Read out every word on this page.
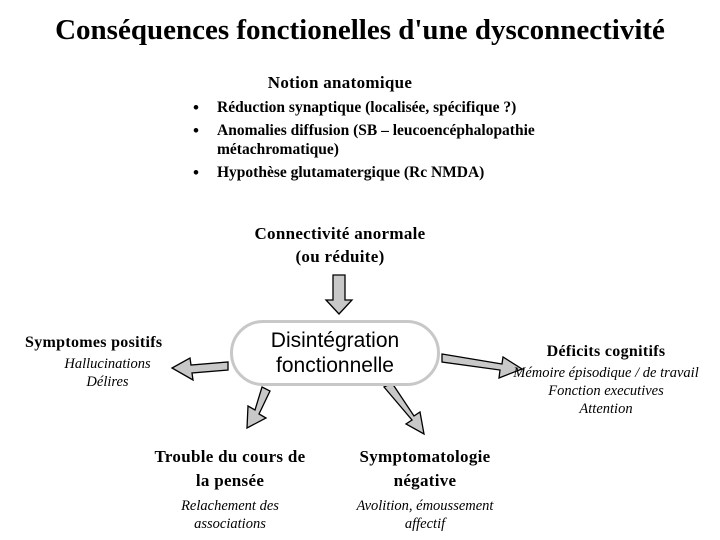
Conséquences fonctionelles d'une dysconnectivité
Notion anatomique
• Réduction synaptique (localisée, spécifique ?)
• Anomalies diffusion (SB – leucoencéphalopathie métachromatique)
• Hypothèse glutamatergique (Rc NMDA)
Connectivité anormale
(ou réduite)
Disintégration
fonctionnelle
Symptomes positifs
Hallucinations
Délires
Déficits cognitifs
Mémoire épisodique / de travail
Fonction executives
Attention
Trouble du cours de
la pensée
Relachement des
associations
Symptomatologie
négative
Avolition, émoussement
affectif
